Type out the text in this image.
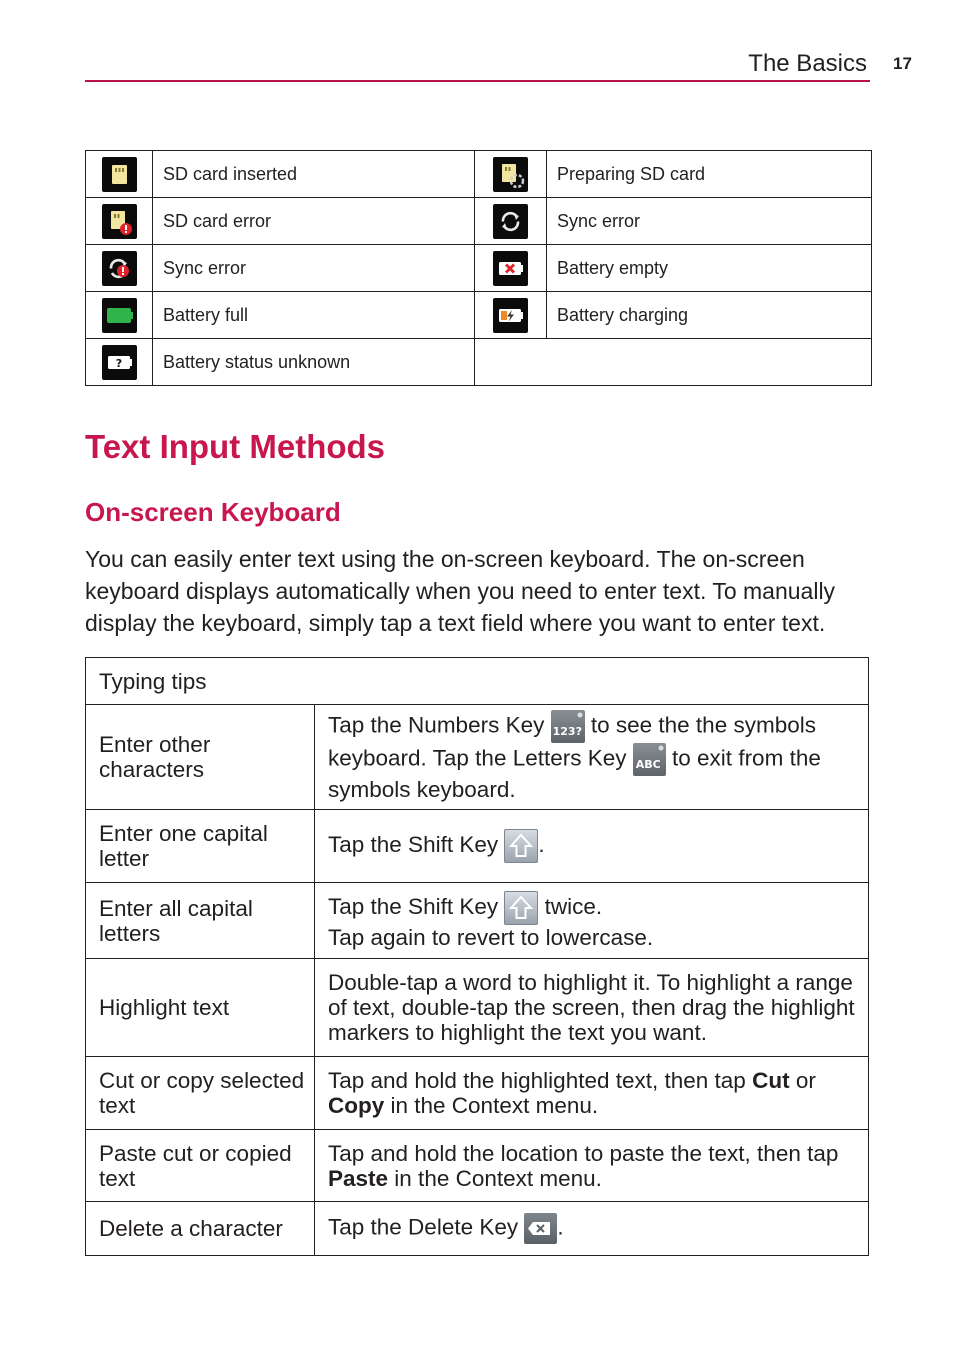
The Basics 17
	SD card inserted		Preparing SD card

	SD card error		Sync error

	Sync error		Battery empty

	Battery full		Battery charging

?	Battery status unknown		
Text Input Methods
On-screen Keyboard

You can easily enter text using the on-screen keyboard. The on-screen keyboard displays automatically when you need to enter text. To manually display the keyboard, simply tap a text field where you want to enter text.

Typing tips	
Enter other characters	Tap the Numbers Key 123? to see the the symbols keyboard. Tap the Letters Key ABC to exit from the symbols keyboard.
Enter one capital letter	Tap the Shift Key
.
Enter all capital letters	Tap the Shift Key
twice.
Tap again to revert to lowercase.
Highlight text	Double-tap a word to highlight it. To highlight a range of text, double-tap the screen, then drag the highlight markers to highlight the text you want.
Cut or copy selected text	Tap and hold the highlighted text, then tap Cut or Copy in the Context menu.
Paste cut or copied text	Tap and hold the location to paste the text, then tap Paste in the Context menu.
Delete a character	Tap the Delete Key
.
